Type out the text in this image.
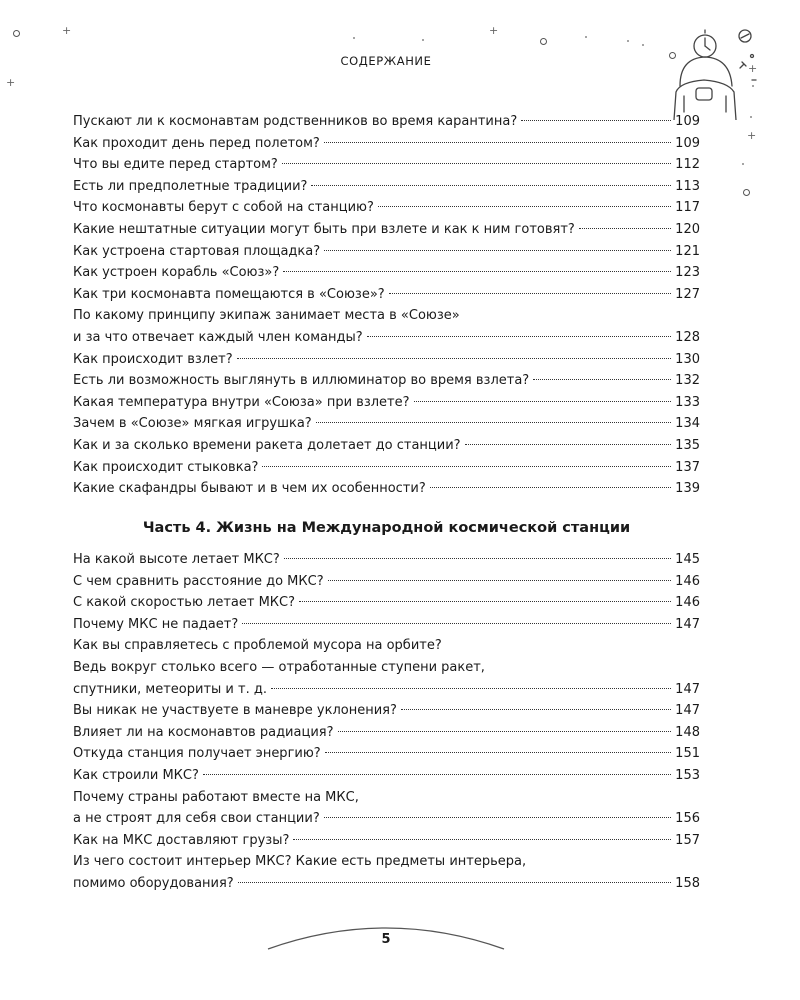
+
+
+
+
+
СОДЕРЖАНИЕ
Пускают ли к космонавтам родственников во время карантина?	109
Как проходит день перед полетом?	109
Что вы едите перед стартом?	112
Есть ли предполетные традиции?	113
Что космонавты берут с собой на станцию?	117
Какие нештатные ситуации могут быть при взлете и как к ним готовят?	120
Как устроена стартовая площадка?	121
Как устроен корабль «Союз»?	123
Как три космонавта помещаются в «Союзе»?	127
По какому принципу экипаж занимает места в «Союзе»
и за что отвечает каждый член команды?	128
Как происходит взлет?	130
Есть ли возможность выглянуть в иллюминатор во время взлета?	132
Какая температура внутри «Союза» при взлете?	133
Зачем в «Союзе» мягкая игрушка?	134
Как и за сколько времени ракета долетает до станции?	135
Как происходит стыковка?	137
Какие скафандры бывают и в чем их особенности?	139
Часть 4. Жизнь на Международной космической станции
На какой высоте летает МКС?	145
С чем сравнить расстояние до МКС?	146
С какой скоростью летает МКС?	146
Почему МКС не падает?	147
Как вы справляетесь с проблемой мусора на орбите?
Ведь вокруг столько всего — отработанные ступени ракет,
спутники, метеориты и т. д.	147
Вы никак не участвуете в маневре уклонения?	147
Влияет ли на космонавтов радиация?	148
Откуда станция получает энергию?	151
Как строили МКС?	153
Почему страны работают вместе на МКС,
а не строят для себя свои станции?	156
Как на МКС доставляют грузы?	157
Из чего состоит интерьер МКС? Какие есть предметы интерьера,
помимо оборудования?	158
5
